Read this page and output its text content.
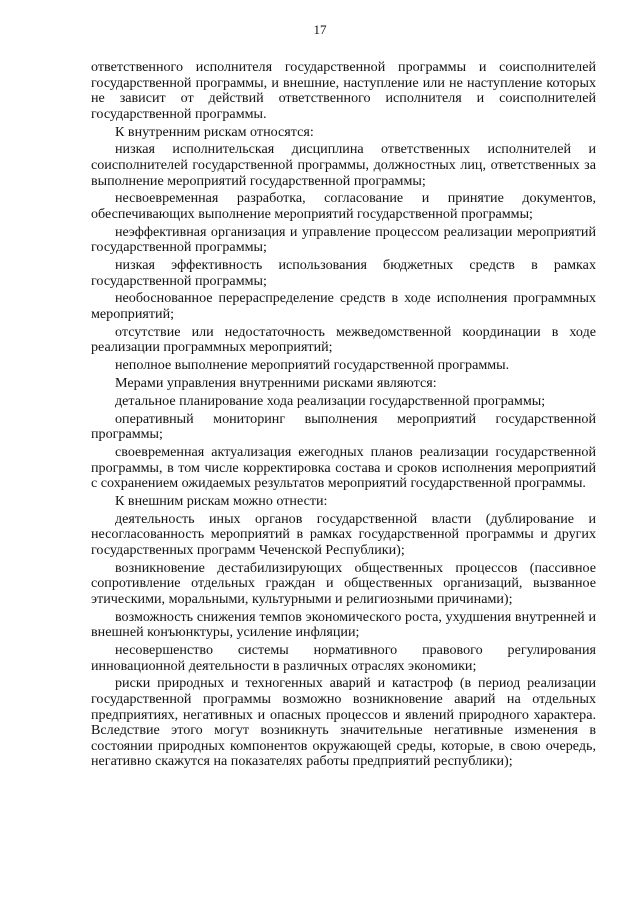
17

ответственного исполнителя государственной программы и соисполнителей государственной программы, и внешние, наступление или не наступление которых не зависит от действий ответственного исполнителя и соисполнителей государственной программы.

К внутренним рискам относятся:

низкая исполнительская дисциплина ответственных исполнителей и соисполнителей государственной программы, должностных лиц, ответственных за выполнение мероприятий государственной программы;

несвоевременная разработка, согласование и принятие документов, обеспечивающих выполнение мероприятий государственной программы;

неэффективная организация и управление процессом реализации мероприятий государственной программы;

низкая эффективность использования бюджетных средств в рамках государственной программы;

необоснованное перераспределение средств в ходе исполнения программных мероприятий;

отсутствие или недостаточность межведомственной координации в ходе реализации программных мероприятий;

неполное выполнение мероприятий государственной программы.

Мерами управления внутренними рисками являются:

детальное планирование хода реализации государственной программы;

оперативный мониторинг выполнения мероприятий государственной программы;

своевременная актуализация ежегодных планов реализации государственной программы, в том числе корректировка состава и сроков исполнения мероприятий с сохранением ожидаемых результатов мероприятий государственной программы.

К внешним рискам можно отнести:

деятельность иных органов государственной власти (дублирование и несогласованность мероприятий в рамках государственной программы и других государственных программ Чеченской Республики);

возникновение дестабилизирующих общественных процессов (пассивное сопротивление отдельных граждан и общественных организаций, вызванное этическими, моральными, культурными и религиозными причинами);

возможность снижения темпов экономического роста, ухудшения внутренней и внешней конъюнктуры, усиление инфляции;

несовершенство системы нормативного правового регулирования инновационной деятельности в различных отраслях экономики;

риски природных и техногенных аварий и катастроф (в период реализации государственной программы возможно возникновение аварий на отдельных предприятиях, негативных и опасных процессов и явлений природного характера. Вследствие этого могут возникнуть значительные негативные изменения в состоянии природных компонентов окружающей среды, которые, в свою очередь, негативно скажутся на показателях работы предприятий республики);
